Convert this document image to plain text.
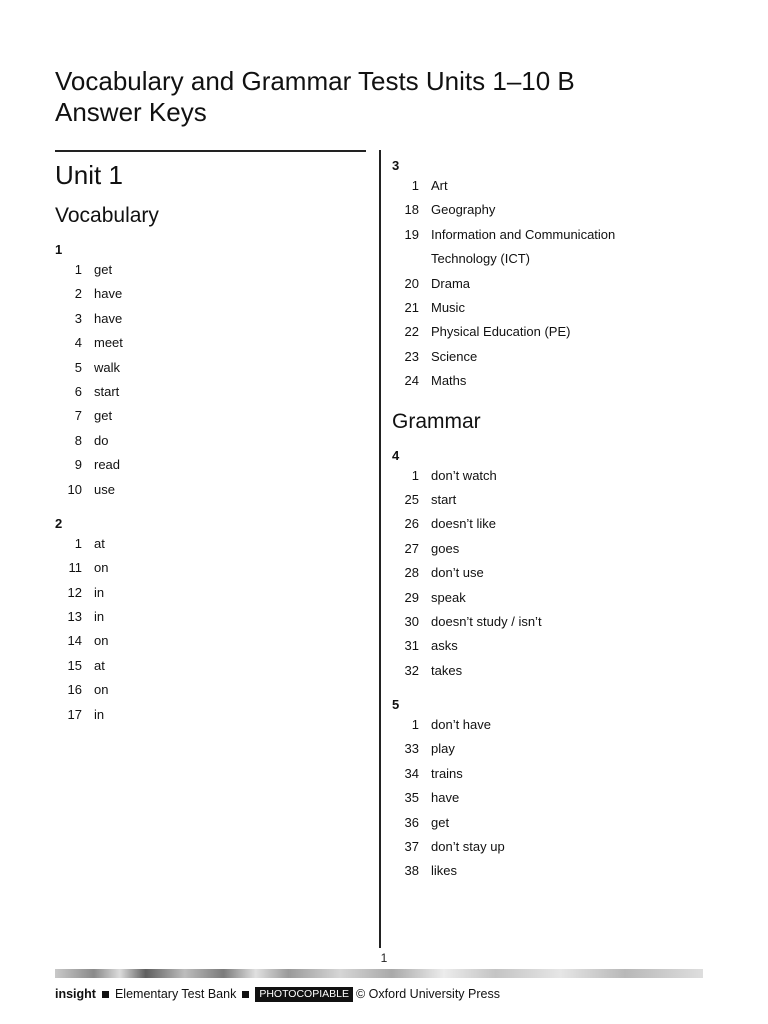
Vocabulary and Grammar Tests Units 1–10 B
Answer Keys
Unit 1
Vocabulary
1
1 get
2 have
3 have
4 meet
5 walk
6 start
7 get
8 do
9 read
10 use
2
1 at
11 on
12 in
13 in
14 on
15 at
16 on
17 in
3
1 Art
18 Geography
19 Information and Communication Technology (ICT)
20 Drama
21 Music
22 Physical Education (PE)
23 Science
24 Maths
Grammar
4
1 don’t watch
25 start
26 doesn’t like
27 goes
28 don’t use
29 speak
30 doesn’t study / isn’t
31 asks
32 takes
5
1 don’t have
33 play
34 trains
35 have
36 get
37 don’t stay up
38 likes
1
insight Elementary Test Bank	PHOTOCOPIABLE © Oxford University Press
